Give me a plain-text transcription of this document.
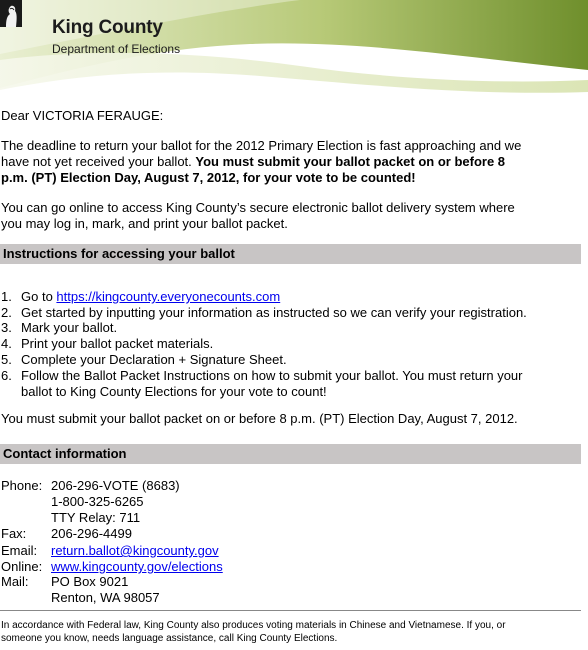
King County
Department of Elections
Dear VICTORIA FERAUGE:
The deadline to return your ballot for the 2012 Primary Election is fast approaching and we
have not yet received your ballot. You must submit your ballot packet on or before 8
p.m. (PT) Election Day, August 7, 2012, for your vote to be counted!
You can go online to access King County’s secure electronic ballot delivery system where
you may log in, mark, and print your ballot packet.
Instructions for accessing your ballot
1. Go to https://kingcounty.everyonecounts.com
2. Get started by inputting your information as instructed so we can verify your registration.
3. Mark your ballot.
4. Print your ballot packet materials.
5. Complete your Declaration + Signature Sheet.
6. Follow the Ballot Packet Instructions on how to submit your ballot. You must return your
ballot to King County Elections for your vote to count!
You must submit your ballot packet on or before 8 p.m. (PT) Election Day, August 7, 2012.
Contact information
Phone: 206-296-VOTE (8683)
1-800-325-6265
TTY Relay: 711
Fax: 206-296-4499
Email: return.ballot@kingcounty.gov
Online: www.kingcounty.gov/elections
Mail: PO Box 9021
Renton, WA 98057
In accordance with Federal law, King County also produces voting materials in Chinese and Vietnamese. If you, or
someone you know, needs language assistance, call King County Elections.
